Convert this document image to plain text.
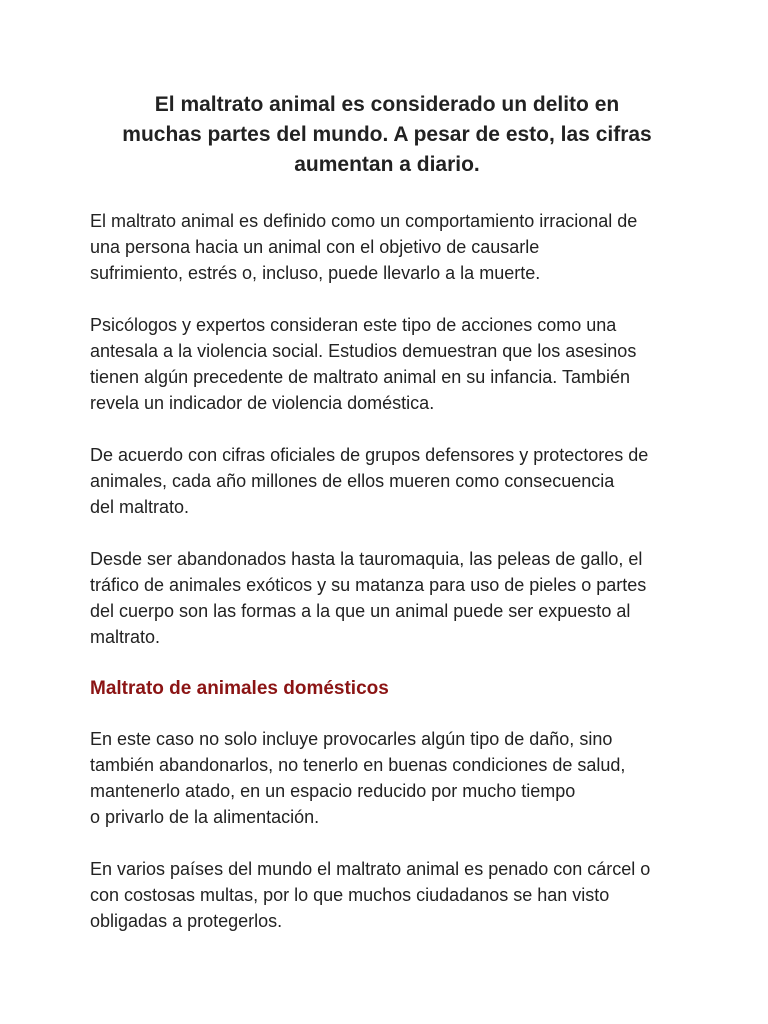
El maltrato animal es considerado un delito en
muchas partes del mundo. A pesar de esto, las cifras
aumentan a diario.

El maltrato animal es definido como un comportamiento irracional de
una persona hacia un animal con el objetivo de causarle
sufrimiento, estrés o, incluso, puede llevarlo a la muerte.

Psicólogos y expertos consideran este tipo de acciones como una
antesala a la violencia social. Estudios demuestran que los asesinos
tienen algún precedente de maltrato animal en su infancia. También
revela un indicador de violencia doméstica.

De acuerdo con cifras oficiales de grupos defensores y protectores de
animales, cada año millones de ellos mueren como consecuencia
del maltrato.

Desde ser abandonados hasta la tauromaquia, las peleas de gallo, el
tráfico de animales exóticos y su matanza para uso de pieles o partes
del cuerpo son las formas a la que un animal puede ser expuesto al
maltrato.

Maltrato de animales domésticos

En este caso no solo incluye provocarles algún tipo de daño, sino
también abandonarlos, no tenerlo en buenas condiciones de salud,
mantenerlo atado, en un espacio reducido por mucho tiempo
o privarlo de la alimentación.

En varios países del mundo el maltrato animal es penado con cárcel o
con costosas multas, por lo que muchos ciudadanos se han visto
obligadas a protegerlos.
